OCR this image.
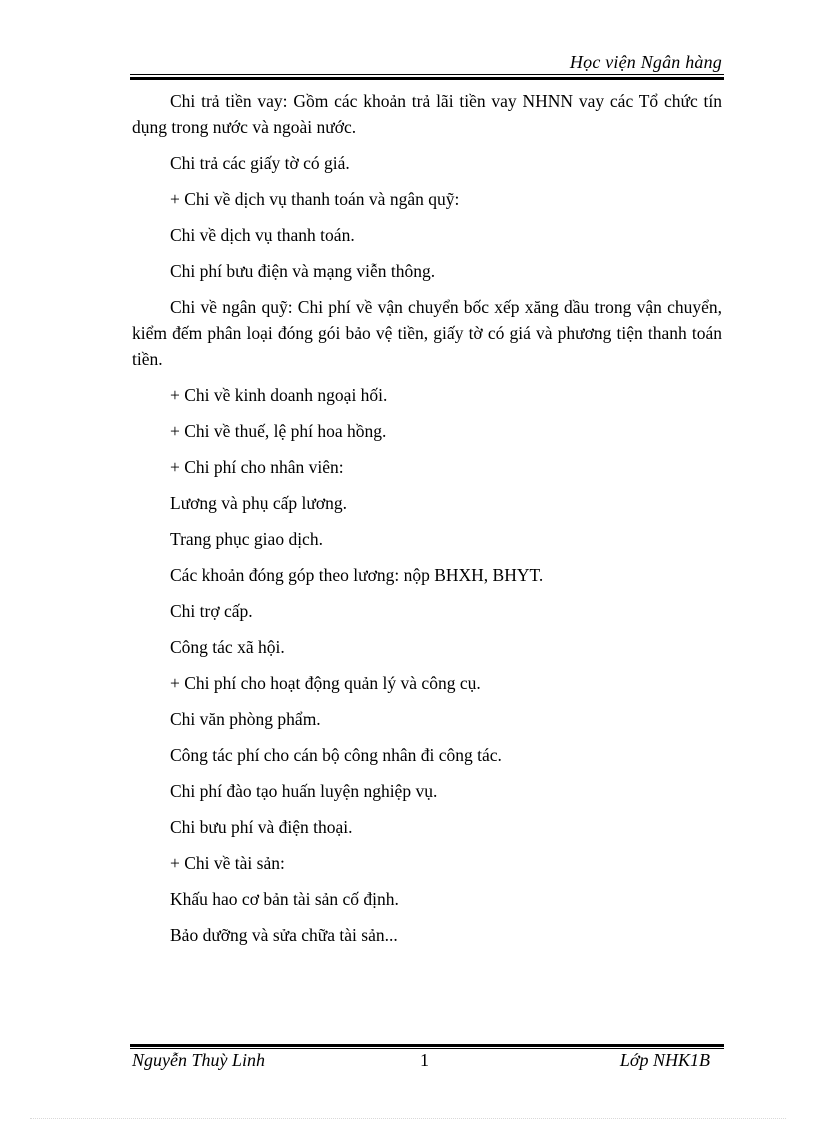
Học viện Ngân hàng

Chi trả tiền vay: Gồm các khoản trả lãi tiền vay NHNN vay các Tổ chức tín dụng trong nước và ngoài nước.

Chi trả các giấy tờ có giá.

+ Chi về dịch vụ thanh toán và ngân quỹ:

Chi về dịch vụ thanh toán.

Chi phí bưu điện và mạng viễn thông.

Chi về ngân quỹ: Chi phí về vận chuyển bốc xếp xăng dầu trong vận chuyển, kiểm đếm phân loại đóng gói bảo vệ tiền, giấy tờ có giá và phương tiện thanh toán tiền.

+ Chi về kinh doanh ngoại hối.

+ Chi về thuế, lệ phí hoa hồng.

+ Chi phí cho nhân viên:

Lương và phụ cấp lương.

Trang phục giao dịch.

Các khoản đóng góp theo lương: nộp BHXH, BHYT.

Chi trợ cấp.

Công tác xã hội.

+ Chi phí cho hoạt động quản lý và công cụ.

Chi văn phòng phẩm.

Công tác phí cho cán bộ công nhân đi công tác.

Chi phí đào tạo huấn luyện nghiệp vụ.

Chi bưu phí và điện thoại.

+ Chi về tài sản:

Khấu hao cơ bản tài sản cố định.

Bảo dưỡng và sửa chữa tài sản...

Nguyễn Thuỳ Linh	1	Lớp NHK1B
